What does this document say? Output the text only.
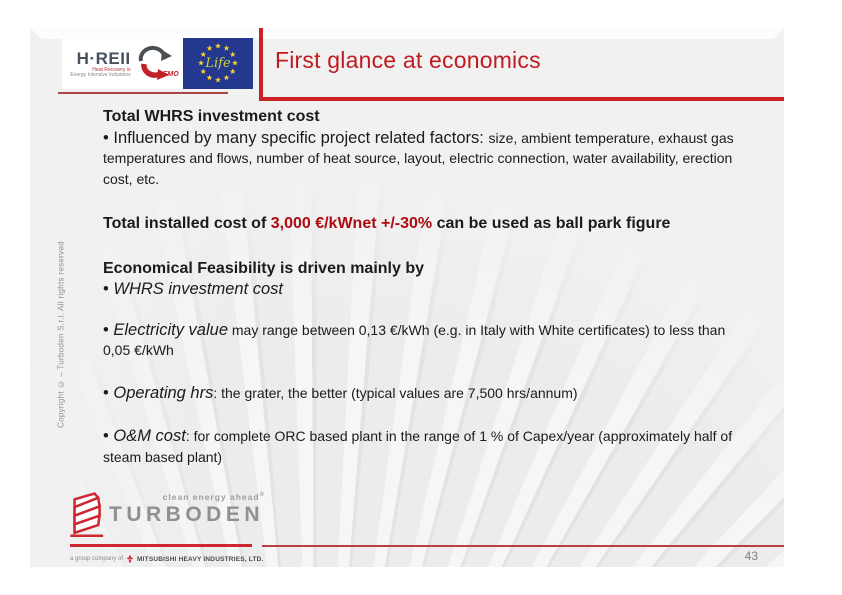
H·REII
Heat Recovery in
Energy Intensive Industries	DEMO
Life First glance at economics
Total WHRS investment cost
• Influenced by many specific project related factors: size, ambient temperature, exhaust gas temperatures and flows, number of heat source, layout, electric connection, water availability, erection cost, etc.
Total installed cost of 3,000 €/kWnet +/-30% can be used as ball park figure
Economical Feasibility is driven mainly by
• WHRS investment cost
• Electricity value may range between 0,13 €/kWh (e.g. in Italy with White certificates) to less than 0,05 €/kWh
• Operating hrs: the grater, the better (typical values are 7,500 hrs/annum)
• O&M cost: for complete ORC based plant in the range of 1 % of Capex/year (approximately half of steam based plant)
Copyright © – Turboden S.r.l. All rights reserved
clean energy ahead®
TURBODEN
a group company of MITSUBISHI HEAVY INDUSTRIES, LTD.	43
